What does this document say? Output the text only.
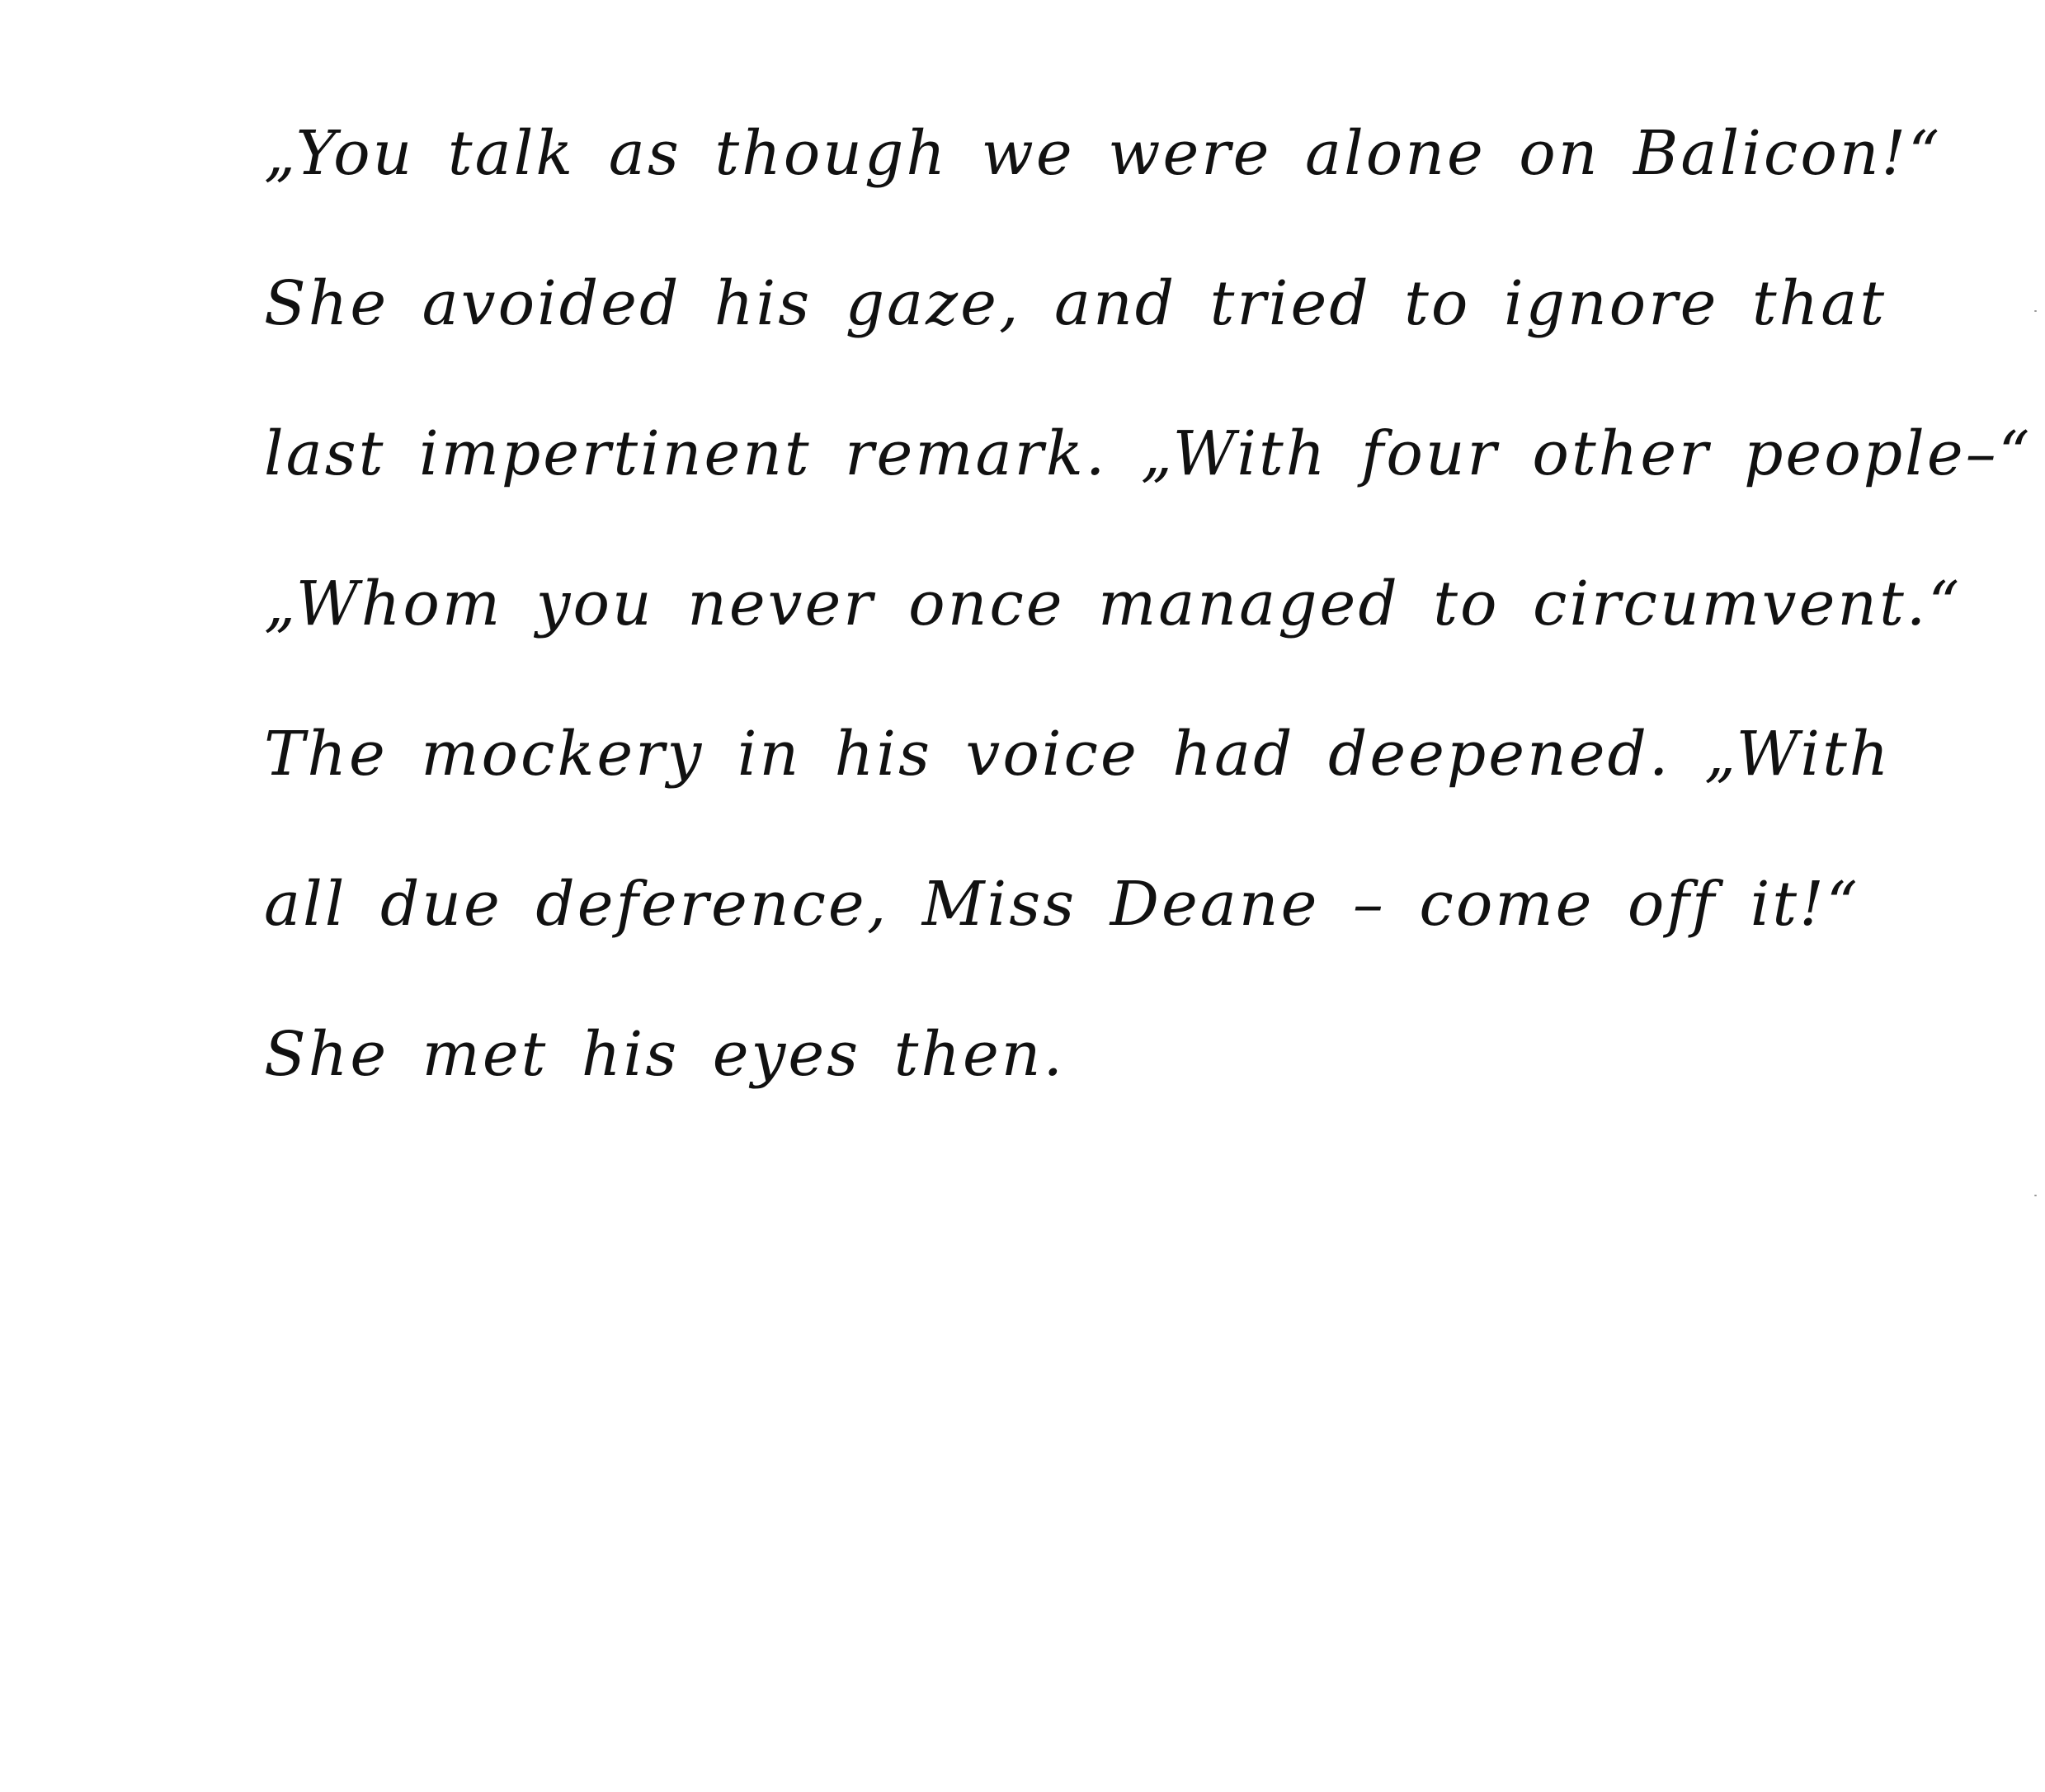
„You talk as though we were alone on Balicon!“
She avoided his gaze, and tried to ignore that
last impertinent remark. „With four other people–“
„Whom you never once managed to circumvent.“
The mockery in his voice had deepened. „With
all due deference, Miss Deane – come off it!“
She met his eyes then.
